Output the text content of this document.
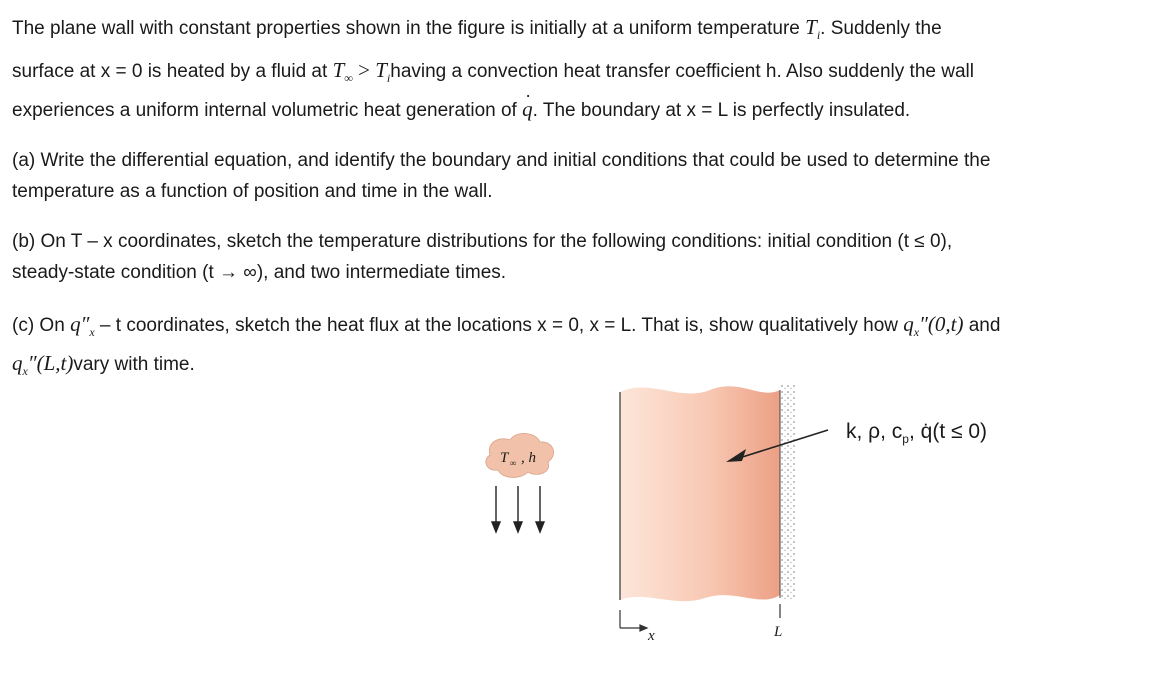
The plane wall with constant properties shown in the figure is initially at a uniform temperature $T_i$. Suddenly the
surface at x = 0 is heated by a fluid at $T_\infty$ > $T_ihaving$ a convection heat transfer coefficient h. Also suddenly the wall
experiences a uniform internal volumetric heat generation of · q. The boundary at x = L is perfectly insulated.
(a) Write the differential equation, and identify the boundary and initial conditions that could be used to determine the
temperature as a function of position and time in the wall.
(b) On T – x coordinates, sketch the temperature distributions for the following conditions: initial condition (t ≤ 0),
steady-state condition (t → ∞), and two intermediate times.
(c) On $q''_x$ – t coordinates, sketch the heat flux at the locations x = 0, x = L. That is, show qualitatively how $q_x''(0,t)$ and
$q_x''(L,t)vary$ with time.
T ∞ , h
x	L
k, ρ, $c_p$, q̇(t ≤ 0)
